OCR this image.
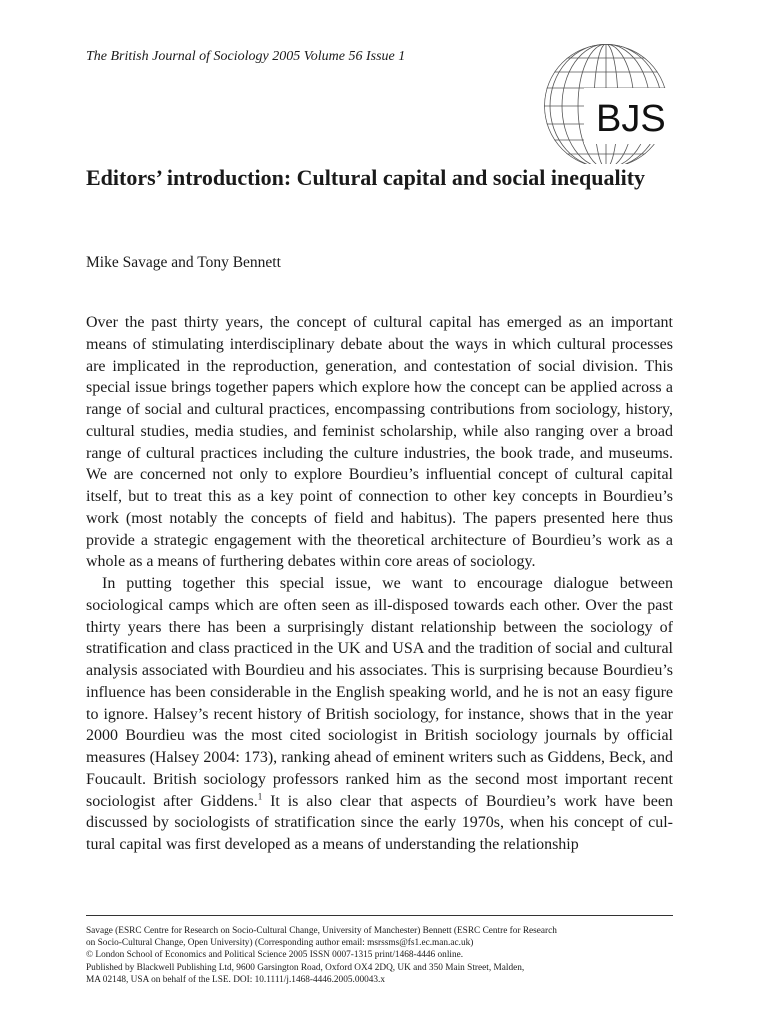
The British Journal of Sociology 2005 Volume 56 Issue 1
BJS
Editors’ introduction: Cultural capital and social inequality
Mike Savage and Tony Bennett

Over the past thirty years, the concept of cultural capital has emerged as an important means of stimulating interdisciplinary debate about the ways in which cultural processes are implicated in the reproduction, generation, and contestation of social division. This special issue brings together papers which explore how the concept can be applied across a range of social and cultural practices, encompassing contributions from sociology, history, cultural studies, media studies, and feminist scholarship, while also ranging over a broad range of cultural practices including the culture industries, the book trade, and museums. We are concerned not only to explore Bourdieu’s influential concept of cultural capital itself, but to treat this as a key point of connection to other key concepts in Bourdieu’s work (most notably the concepts of field and habitus). The papers presented here thus provide a strategic engagement with the theoretical architecture of Bourdieu’s work as a whole as a means of furthering debates within core areas of sociology.

In putting together this special issue, we want to encourage dialogue between sociological camps which are often seen as ill-disposed towards each other. Over the past thirty years there has been a surprisingly distant relationship between the sociology of stratification and class practiced in the UK and USA and the tradition of social and cultural analysis associated with Bourdieu and his associates. This is surprising because Bourdieu’s influence has been considerable in the English speaking world, and he is not an easy figure to ignore. Halsey’s recent history of British sociology, for instance, shows that in the year 2000 Bourdieu was the most cited sociologist in British sociology journals by official measures (Halsey 2004: 173), ranking ahead of eminent writers such as Giddens, Beck, and Foucault. British sociology professors ranked him as the second most important recent sociologist after Giddens.$^1$ It is also clear that aspects of Bourdieu’s work have been discussed by sociologists of stratification since the early 1970s, when his concept of cultural capital was first developed as a means of understanding the relationship

Savage (ESRC Centre for Research on Socio-Cultural Change, University of Manchester) Bennett (ESRC Centre for Research
on Socio-Cultural Change, Open University) (Corresponding author email: msrssms@fs1.ec.man.ac.uk)
© London School of Economics and Political Science 2005 ISSN 0007-1315 print/1468-4446 online.
Published by Blackwell Publishing Ltd, 9600 Garsington Road, Oxford OX4 2DQ, UK and 350 Main Street, Malden,
MA 02148, USA on behalf of the LSE. DOI: 10.1111/j.1468-4446.2005.00043.x
